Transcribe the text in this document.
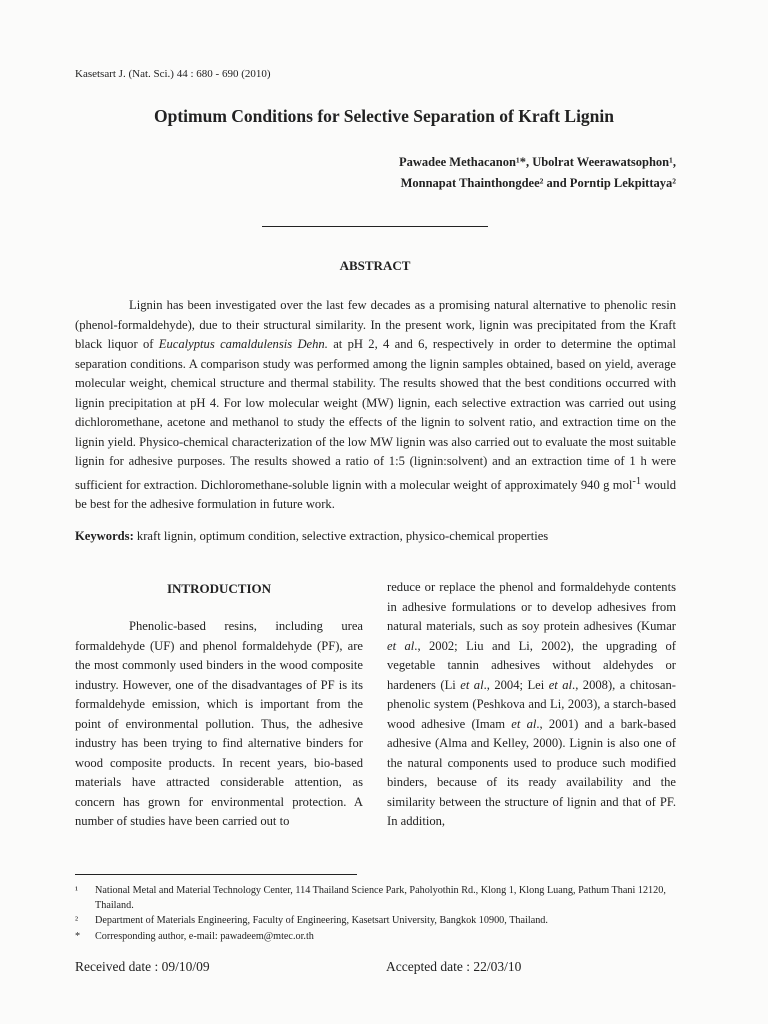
Kasetsart J. (Nat. Sci.) 44 : 680 - 690 (2010)
Optimum Conditions for Selective Separation of Kraft Lignin
Pawadee Methacanon¹*, Ubolrat Weerawatsophon¹,
Monnapat Thainthongdee² and Porntip Lekpittaya²
ABSTRACT

Lignin has been investigated over the last few decades as a promising natural alternative to phenolic resin (phenol-formaldehyde), due to their structural similarity. In the present work, lignin was precipitated from the Kraft black liquor of Eucalyptus camaldulensis Dehn. at pH 2, 4 and 6, respectively in order to determine the optimal separation conditions. A comparison study was performed among the lignin samples obtained, based on yield, average molecular weight, chemical structure and thermal stability. The results showed that the best conditions occurred with lignin precipitation at pH 4. For low molecular weight (MW) lignin, each selective extraction was carried out using dichloromethane, acetone and methanol to study the effects of the lignin to solvent ratio, and extraction time on the lignin yield. Physico-chemical characterization of the low MW lignin was also carried out to evaluate the most suitable lignin for adhesive purposes. The results showed a ratio of 1:5 (lignin:solvent) and an extraction time of 1 h were sufficient for extraction. Dichloromethane-soluble lignin with a molecular weight of approximately 940 g mol$^{-1}$ would be best for the adhesive formulation in future work.

Keywords: kraft lignin, optimum condition, selective extraction, physico-chemical properties
INTRODUCTION

Phenolic-based resins, including urea formaldehyde (UF) and phenol formaldehyde (PF), are the most commonly used binders in the wood composite industry. However, one of the disadvantages of PF is its formaldehyde emission, which is important from the point of environmental pollution. Thus, the adhesive industry has been trying to find alternative binders for wood composite products. In recent years, bio-based materials have attracted considerable attention, as concern has grown for environmental protection. A number of studies have been carried out to

reduce or replace the phenol and formaldehyde contents in adhesive formulations or to develop adhesives from natural materials, such as soy protein adhesives (Kumar et al., 2002; Liu and Li, 2002), the upgrading of vegetable tannin adhesives without aldehydes or hardeners (Li et al., 2004; Lei et al., 2008), a chitosan-phenolic system (Peshkova and Li, 2003), a starch-based wood adhesive (Imam et al., 2001) and a bark-based adhesive (Alma and Kelley, 2000). Lignin is also one of the natural components used to produce such modified binders, because of its ready availability and the similarity between the structure of lignin and that of PF. In addition,

¹	National Metal and Material Technology Center, 114 Thailand Science Park, Paholyothin Rd., Klong 1, Klong Luang, Pathum Thani 12120, Thailand.
²	Department of Materials Engineering, Faculty of Engineering, Kasetsart University, Bangkok 10900, Thailand.
*	Corresponding author, e-mail: pawadeem@mtec.or.th
Received date : 09/10/09	Accepted date : 22/03/10
